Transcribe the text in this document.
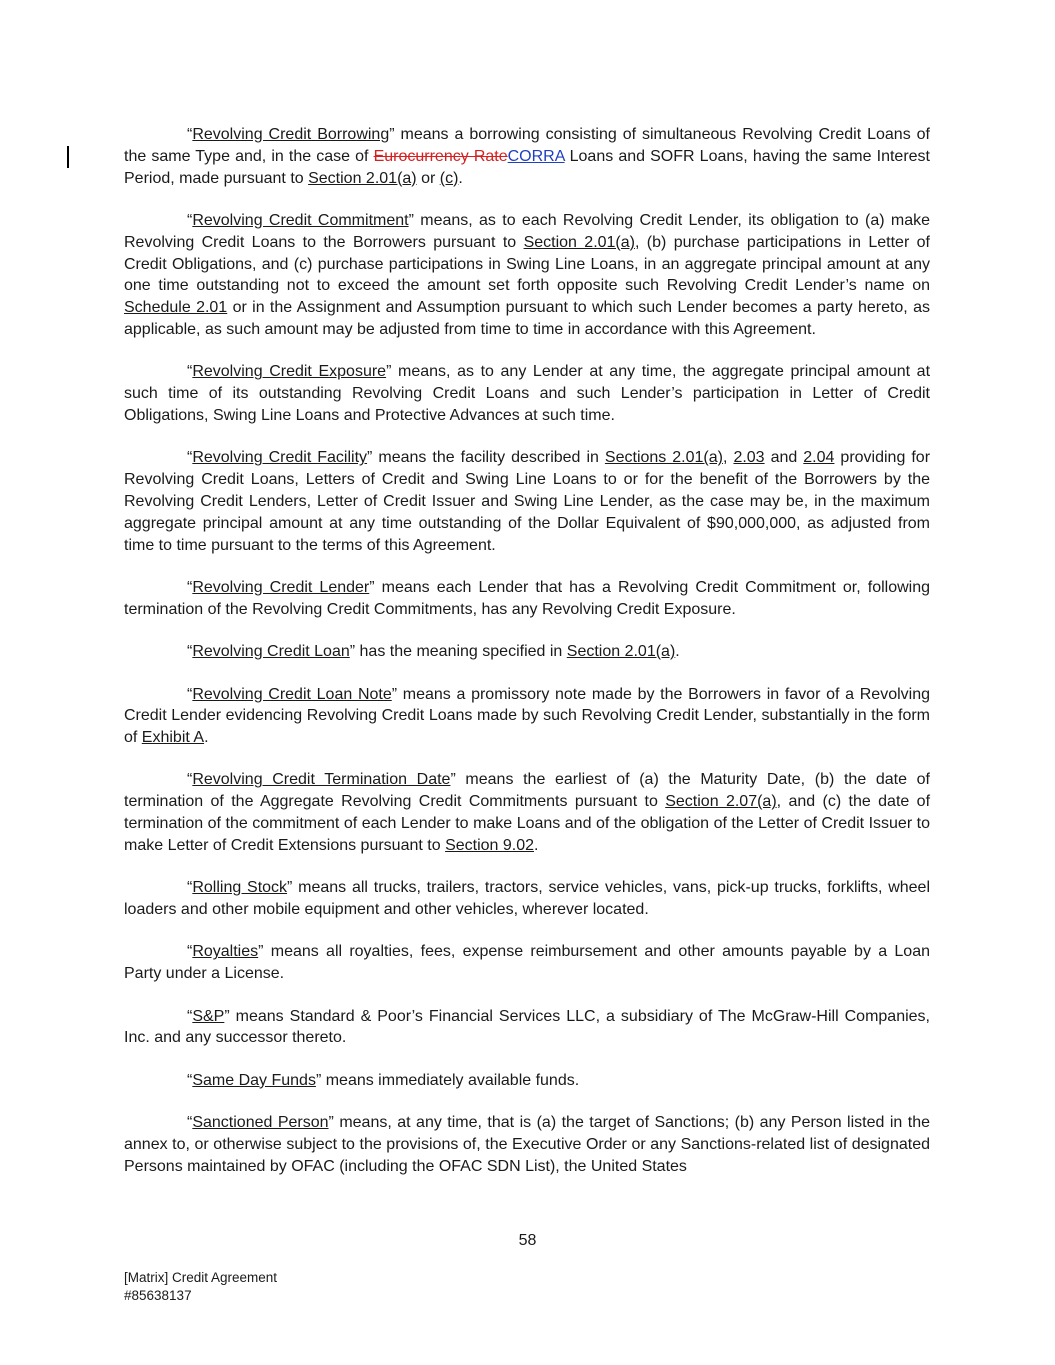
“Revolving Credit Borrowing” means a borrowing consisting of simultaneous Revolving Credit Loans of the same Type and, in the case of Eurocurrency RateCORRA Loans and SOFR Loans, having the same Interest Period, made pursuant to Section 2.01(a) or (c).

“Revolving Credit Commitment” means, as to each Revolving Credit Lender, its obligation to (a) make Revolving Credit Loans to the Borrowers pursuant to Section 2.01(a), (b) purchase participations in Letter of Credit Obligations, and (c) purchase participations in Swing Line Loans, in an aggregate principal amount at any one time outstanding not to exceed the amount set forth opposite such Revolving Credit Lender’s name on Schedule 2.01 or in the Assignment and Assumption pursuant to which such Lender becomes a party hereto, as applicable, as such amount may be adjusted from time to time in accordance with this Agreement.

“Revolving Credit Exposure” means, as to any Lender at any time, the aggregate principal amount at such time of its outstanding Revolving Credit Loans and such Lender’s participation in Letter of Credit Obligations, Swing Line Loans and Protective Advances at such time.

“Revolving Credit Facility” means the facility described in Sections 2.01(a), 2.03 and 2.04 providing for Revolving Credit Loans, Letters of Credit and Swing Line Loans to or for the benefit of the Borrowers by the Revolving Credit Lenders, Letter of Credit Issuer and Swing Line Lender, as the case may be, in the maximum aggregate principal amount at any time outstanding of the Dollar Equivalent of $90,000,000, as adjusted from time to time pursuant to the terms of this Agreement.

“Revolving Credit Lender” means each Lender that has a Revolving Credit Commitment or, following termination of the Revolving Credit Commitments, has any Revolving Credit Exposure.

“Revolving Credit Loan” has the meaning specified in Section 2.01(a).

“Revolving Credit Loan Note” means a promissory note made by the Borrowers in favor of a Revolving Credit Lender evidencing Revolving Credit Loans made by such Revolving Credit Lender, substantially in the form of Exhibit A.

“Revolving Credit Termination Date” means the earliest of (a) the Maturity Date, (b) the date of termination of the Aggregate Revolving Credit Commitments pursuant to Section 2.07(a), and (c) the date of termination of the commitment of each Lender to make Loans and of the obligation of the Letter of Credit Issuer to make Letter of Credit Extensions pursuant to Section 9.02.

“Rolling Stock” means all trucks, trailers, tractors, service vehicles, vans, pick-up trucks, forklifts, wheel loaders and other mobile equipment and other vehicles, wherever located.

“Royalties” means all royalties, fees, expense reimbursement and other amounts payable by a Loan Party under a License.

“S&P” means Standard & Poor’s Financial Services LLC, a subsidiary of The McGraw-Hill Companies, Inc. and any successor thereto.

“Same Day Funds” means immediately available funds.

“Sanctioned Person” means, at any time, that is (a) the target of Sanctions; (b) any Person listed in the annex to, or otherwise subject to the provisions of, the Executive Order or any Sanctions-related list of designated Persons maintained by OFAC (including the OFAC SDN List), the United States

58
[Matrix] Credit Agreement
#85638137
